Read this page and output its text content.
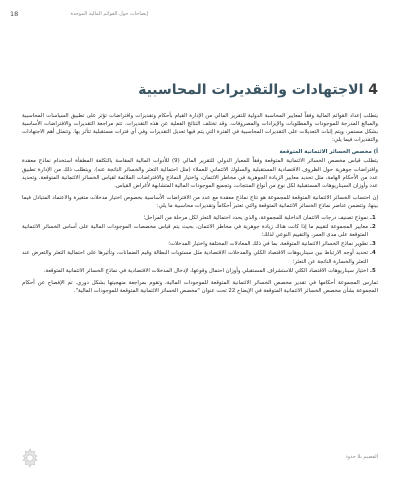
إيضاحات حول القوائم المالية الموحدة
18
4 الاجتهادات والتقديرات المحاسبية

يتطلب إعداد القوائم المالية وفقاً لمعايير المحاسبة الدولية للتقرير المالي من الإدارة القيام بأحكام وتقديرات وافتراضات تؤثر على تطبيق السياسات المحاسبية والمبالغ المدرجة للموجودات والمطلوبات والإيرادات والمصروفات. وقد تختلف النتائج الفعلية عن هذه التقديرات. تتم مراجعة التقديرات والافتراضات الأساسية بشكل مستمر، ويتم إثبات التعديلات على التقديرات المحاسبية في الفترة التي يتم فيها تعديل التقديرات وفي أي فترات مستقبلية تتأثر بها. وتتمثل أهم الاجتهادات والتقديرات فيما يلي:

أ) مخصص الخسائر الائتمانية المتوقعة

يتطلب قياس مخصص الخسائر الائتمانية المتوقعة وفقاً للمعيار الدولي للتقرير المالي (9) للأدوات المالية المقاسة بالتكلفة المطفأة استخدام نماذج معقدة وافتراضات جوهرية حول الظروف الاقتصادية المستقبلية والسلوك الائتماني للعملاء (مثل احتمالية التعثر والخسائر الناتجة عنه). ويتطلب ذلك من الإدارة تطبيق عدد من الأحكام الهامة، مثل تحديد معايير الزيادة الجوهرية في مخاطر الائتمان، واختيار النماذج والافتراضات الملائمة لقياس الخسائر الائتمانية المتوقعة، وتحديد عدد وأوزان السيناريوهات المستقبلية لكل نوع من أنواع المنتجات، وتجميع الموجودات المالية المتشابهة لأغراض القياس.

إن احتساب الخسائر الائتمانية المتوقعة للمجموعة هو نتاج نماذج معقدة مع عدد من الافتراضات الأساسية بخصوص اختيار مدخلات متغيرة والاعتماد المتبادل فيما بينها، وتتضمن عناصر نماذج الخسائر الائتمانية المتوقعة والتي تعتبر أحكاماً وتقديرات محاسبية ما يلي:

1. نموذج تصنيف درجات الائتمان الداخلية للمجموعة، والذي يحدد احتمالية التعثر لكل مرحلة من المراحل؛
2. معايير المجموعة لتقييم ما إذا كانت هناك زيادة جوهرية في مخاطر الائتمان، بحيث يتم قياس مخصصات الموجودات المالية على أساس الخسائر الائتمانية المتوقعة على مدى العمر، والتقييم النوعي لذلك؛
3. تطوير نماذج الخسائر الائتمانية المتوقعة، بما في ذلك المعادلات المختلفة واختيار المدخلات؛
4. تحديد أوجه الارتباط بين سيناريوهات الاقتصاد الكلي والمدخلات الاقتصادية مثل مستويات البطالة وقيم الضمانات، وتأثيرها على احتمالية التعثر والتعرض عند التعثر والخسارة الناتجة عن التعثر؛
5. اختيار سيناريوهات الاقتصاد الكلي للاستشراف المستقبلي وأوزان احتمال وقوعها، لإدخال المدخلات الاقتصادية في نماذج الخسائر الائتمانية المتوقعة.

تمارس المجموعة أحكامها في تقدير مخصص الخسائر الائتمانية المتوقعة للموجودات المالية، وتقوم بمراجعة منهجيتها بشكل دوري. تم الإفصاح عن أحكام المجموعة بشأن مخصص الخسائر الائتمانية المتوقعة في الإيضاح 22 تحت عنوان "مخصص الخسائر الائتمانية المتوقعة للموجودات المالية".

القصيم بلا حدود
